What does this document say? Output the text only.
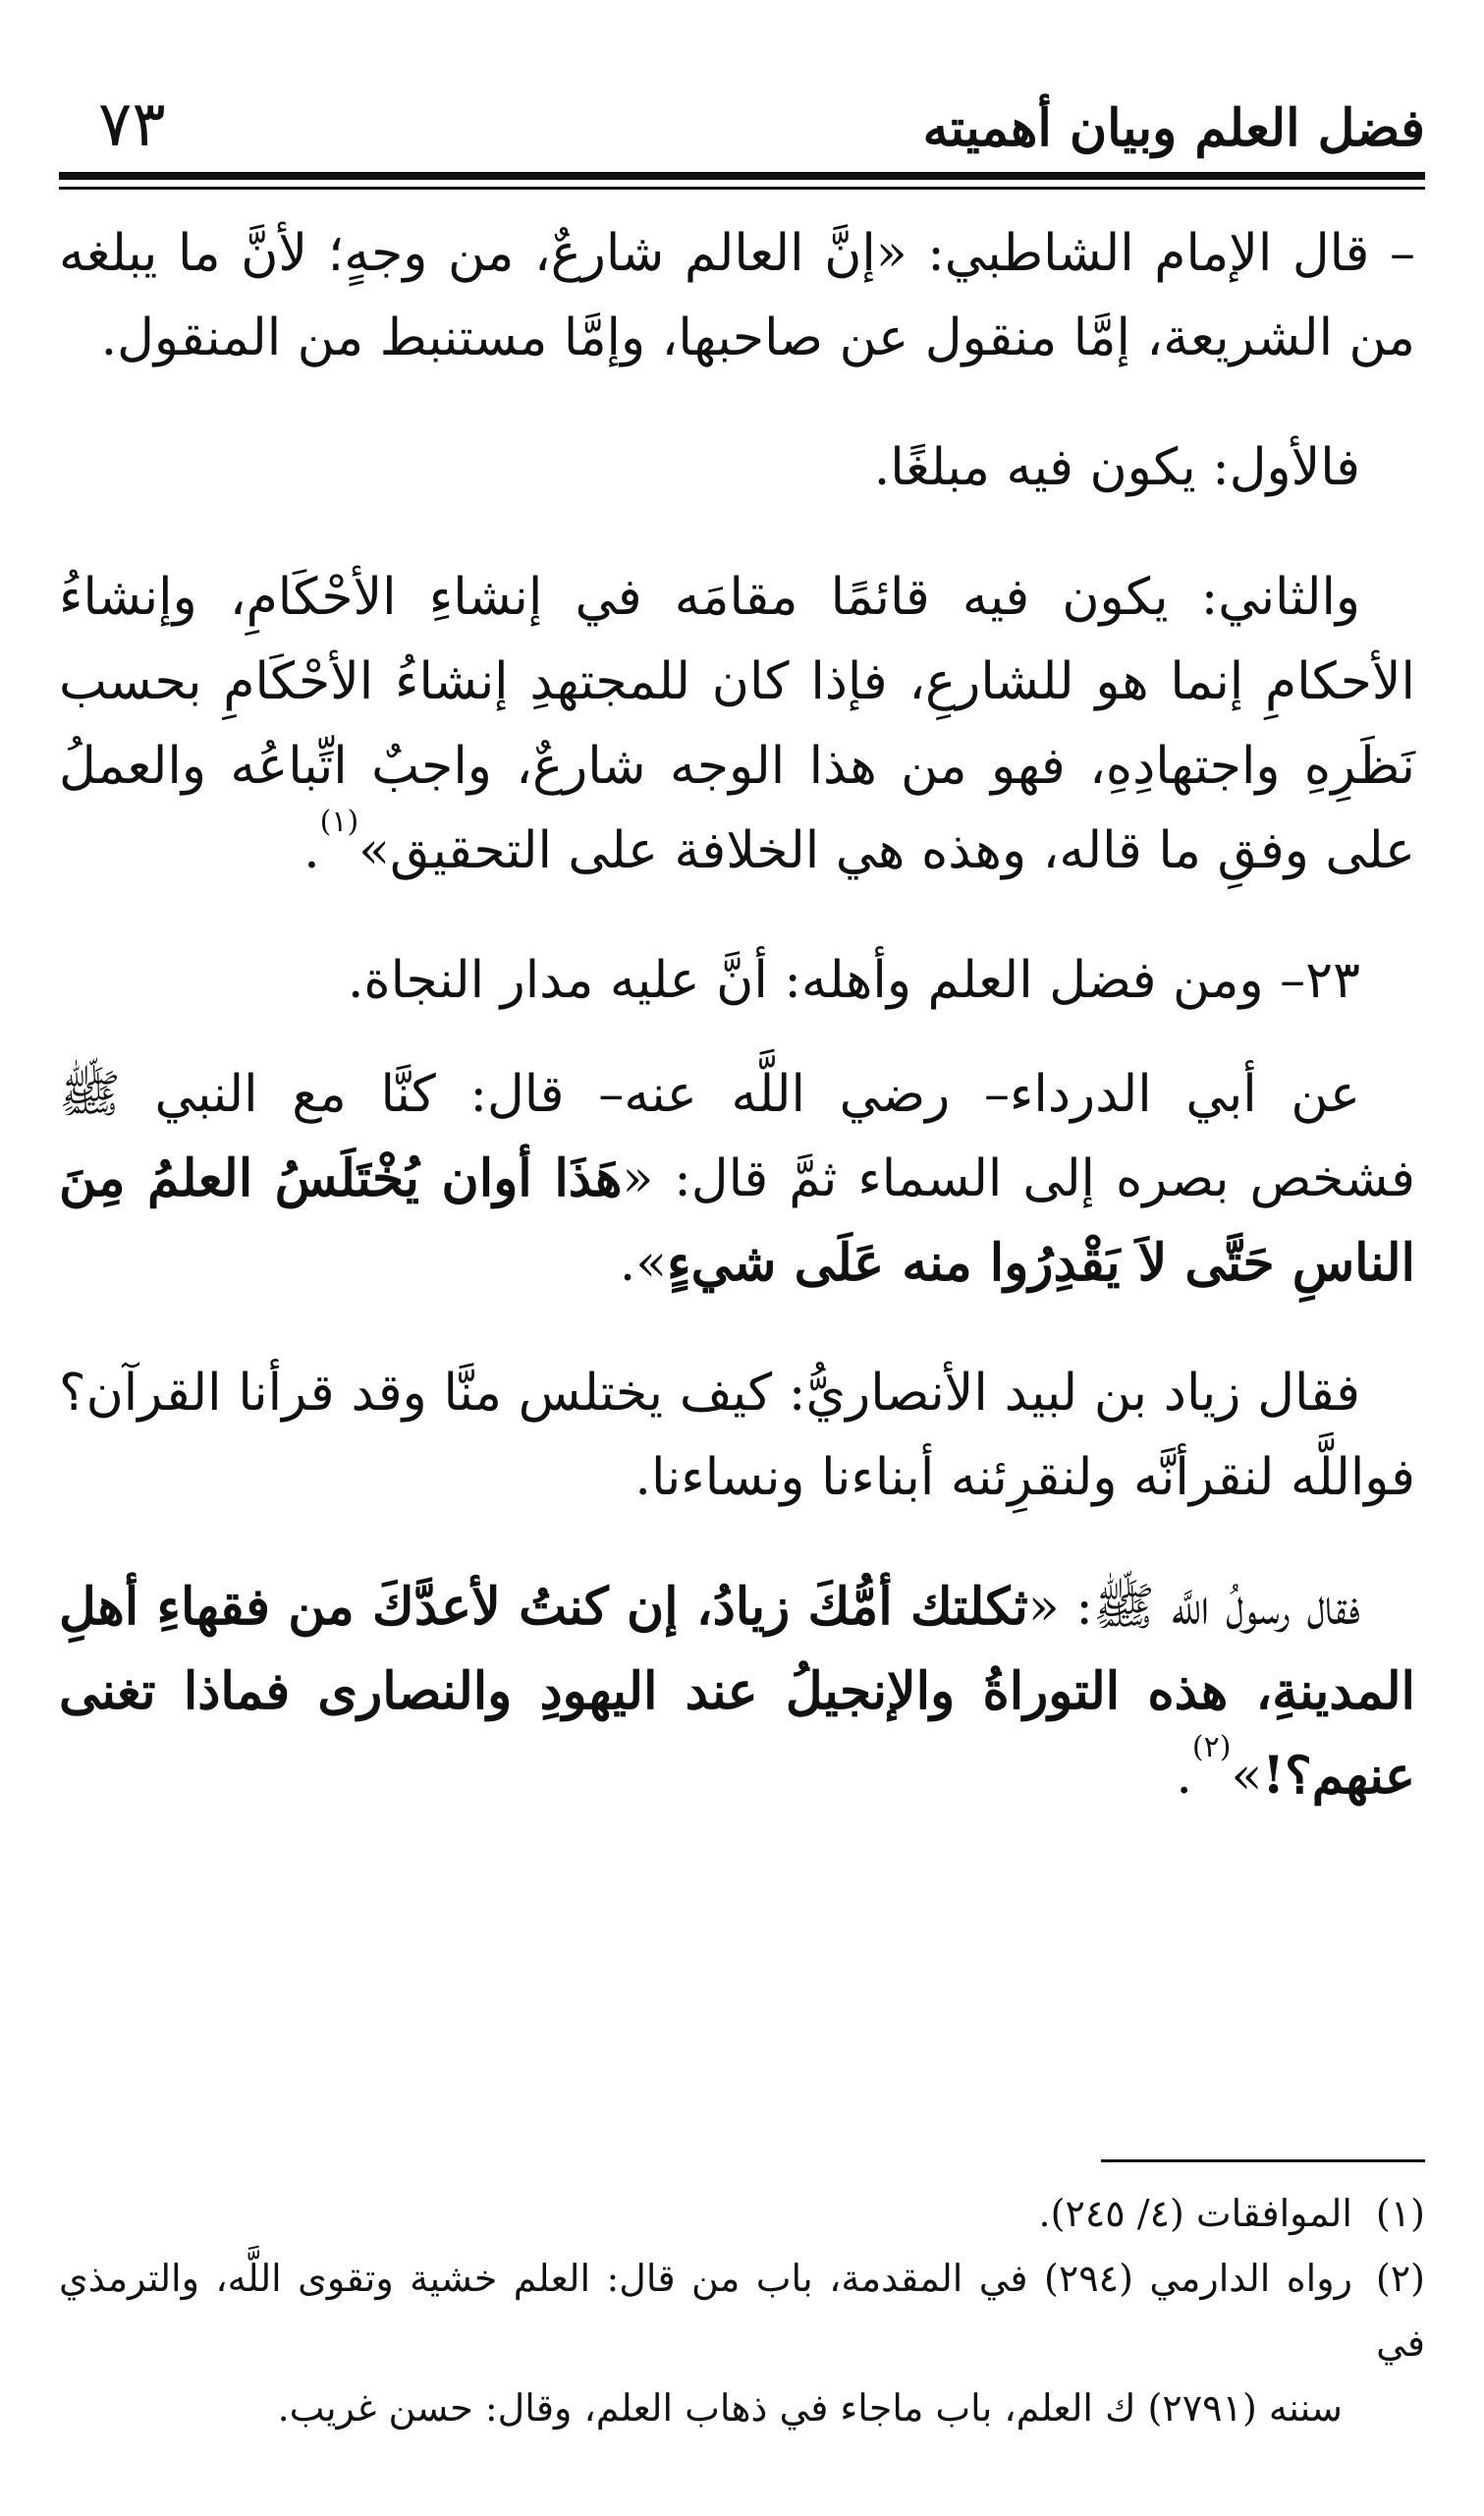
فضل العلم وبيان أهميته
٧٣

– قال الإمام الشاطبي: «إنَّ العالم شارعٌ، من وجهٍ؛ لأنَّ ما يبلغه من الشريعة، إمَّا منقول عن صاحبها، وإمَّا مستنبط من المنقول.

فالأول: يكون فيه مبلغًا.

والثاني: يكون فيه قائمًا مقامَه في إنشاءِ الأحْكَامِ، وإنشاءُ الأحكامِ إنما هو للشارعِ، فإذا كان للمجتهدِ إنشاءُ الأحْكَامِ بحسب نَظَرِهِ واجتهادِهِ، فهو من هذا الوجه شارعٌ، واجبٌ اتِّباعُه والعملُ على وفقِ ما قاله، وهذه هي الخلافة على التحقيق»$^{(١)}$.

٢٣– ومن فضل العلم وأهله: أنَّ عليه مدار النجاة.

عن أبي الدرداء– رضي اللَّه عنه– قال: كنَّا مع النبي ﷺ فشخص بصره إلى السماء ثمَّ قال: «هَذَا أوان يُخْتَلَسُ العلمُ مِنَ الناسِ حَتَّى لاَ يَقْدِرُوا منه عَلَى شيءٍ».

فقال زياد بن لبيد الأنصاريُّ: كيف يختلس منَّا وقد قرأنا القرآن؟ فواللَّه لنقرأنَّه ولنقرِئنه أبناءنا ونساءنا.

فقال رسولُ اللَّه ﷺ: «ثكلتك أمُّكَ زيادُ، إن كنتُ لأعدَّكَ من فقهاءِ أهلِ المدينةِ، هذه التوراةُ والإنجيلُ عند اليهودِ والنصارى فماذا تغنى عنهم؟!»$^{(٢)}$.

(١)الموافقات (٤/ ٢٤٥).

(٢)رواه الدارمي (٢٩٤) في المقدمة، باب من قال: العلم خشية وتقوى اللَّه، والترمذي في

سننه (٢٧٩١) ك العلم، باب ماجاء في ذهاب العلم، وقال: حسن غريب.
